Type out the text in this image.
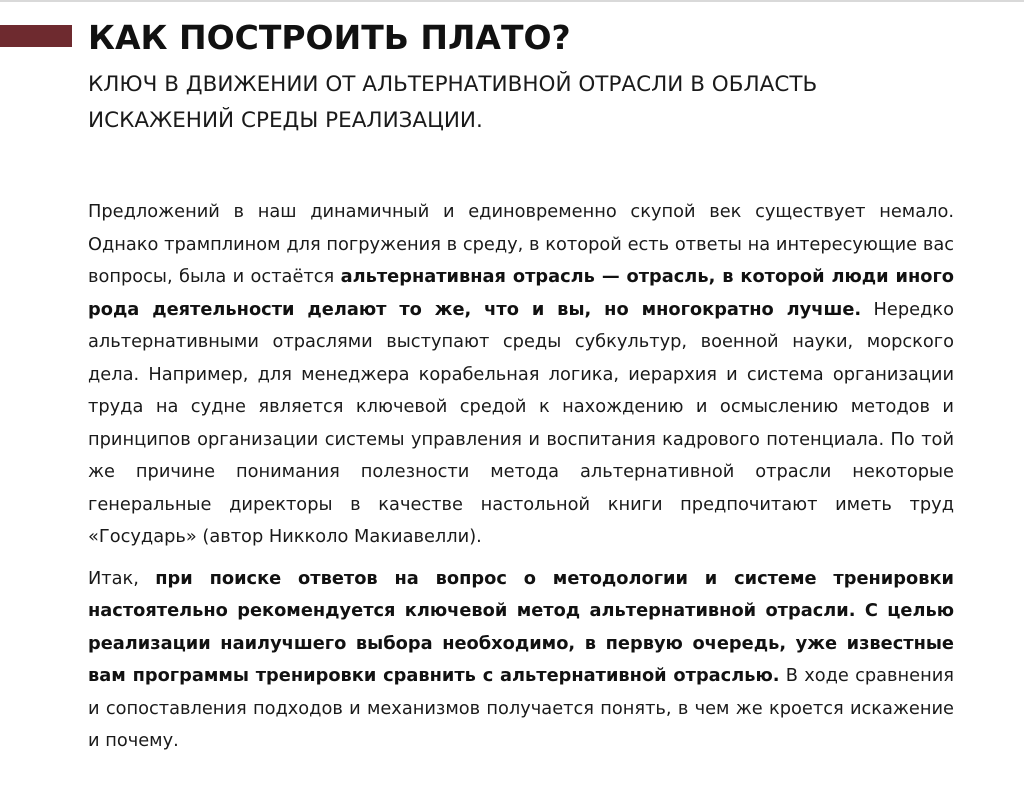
КАК ПОСТРОИТЬ ПЛАТО?
КЛЮЧ В ДВИЖЕНИИ ОТ АЛЬТЕРНАТИВНОЙ ОТРАСЛИ В ОБЛАСТЬ
ИСКАЖЕНИЙ СРЕДЫ РЕАЛИЗАЦИИ.

Предложений в наш динамичный и единовременно скупой век существует немало. Однако трамплином для погружения в среду, в которой есть ответы на интересующие вас вопросы, была и остаётся альтернативная отрасль — отрасль, в которой люди иного рода деятельности делают то же, что и вы, но многократно лучше. Нередко альтернативными отраслями выступают среды субкультур, военной науки, морского дела. Например, для менеджера корабельная логика, иерархия и система организации труда на судне является ключевой средой к нахождению и осмыслению методов и принципов организации системы управления и воспитания кадрового потенциала. По той же причине понимания полезности метода альтернативной отрасли некоторые генеральные директоры в качестве настольной книги предпочитают иметь труд «Государь» (автор Никколо Макиавелли).

Итак, при поиске ответов на вопрос о методологии и системе тренировки настоятельно рекомендуется ключевой метод альтернативной отрасли. С целью реализации наилучшего выбора необходимо, в первую очередь, уже известные вам программы тренировки сравнить с альтернативной отраслью. В ходе сравнения и сопоставления подходов и механизмов получается понять, в чем же кроется искажение и почему.
